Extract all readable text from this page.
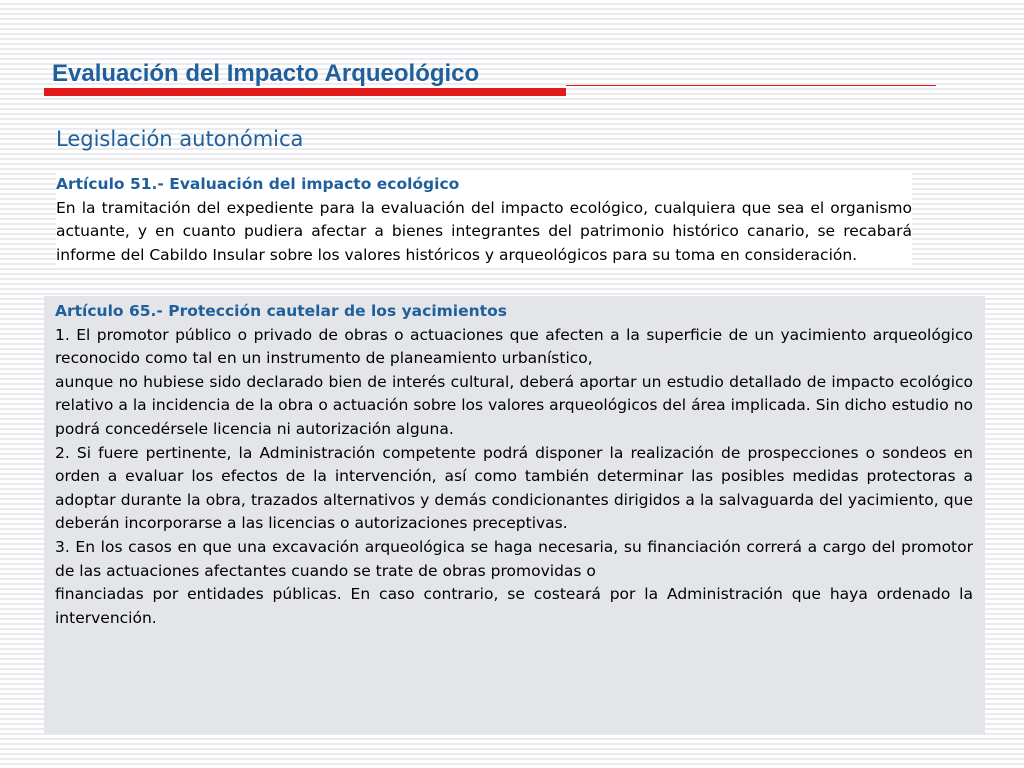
Evaluación del Impacto Arqueológico
Legislación autonómica

Artículo 51.- Evaluación del impacto ecológico

En la tramitación del expediente para la evaluación del impacto ecológico, cualquiera que sea el organismo actuante, y en cuanto pudiera afectar a bienes integrantes del patrimonio histórico canario, se recabará informe del Cabildo Insular sobre los valores históricos y arqueológicos para su toma en consideración.

Artículo 65.- Protección cautelar de los yacimientos

1. El promotor público o privado de obras o actuaciones que afecten a la superficie de un yacimiento arqueológico reconocido como tal en un instrumento de planeamiento urbanístico,

aunque no hubiese sido declarado bien de interés cultural, deberá aportar un estudio detallado de impacto ecológico relativo a la incidencia de la obra o actuación sobre los valores arqueológicos del área implicada. Sin dicho estudio no podrá concedérsele licencia ni autorización alguna.

2. Si fuere pertinente, la Administración competente podrá disponer la realización de prospecciones o sondeos en orden a evaluar los efectos de la intervención, así como también determinar las posibles medidas protectoras a adoptar durante la obra, trazados alternativos y demás condicionantes dirigidos a la salvaguarda del yacimiento, que deberán incorporarse a las licencias o autorizaciones preceptivas.

3. En los casos en que una excavación arqueológica se haga necesaria, su financiación correrá a cargo del promotor de las actuaciones afectantes cuando se trate de obras promovidas o

financiadas por entidades públicas. En caso contrario, se costeará por la Administración que haya ordenado la intervención.
